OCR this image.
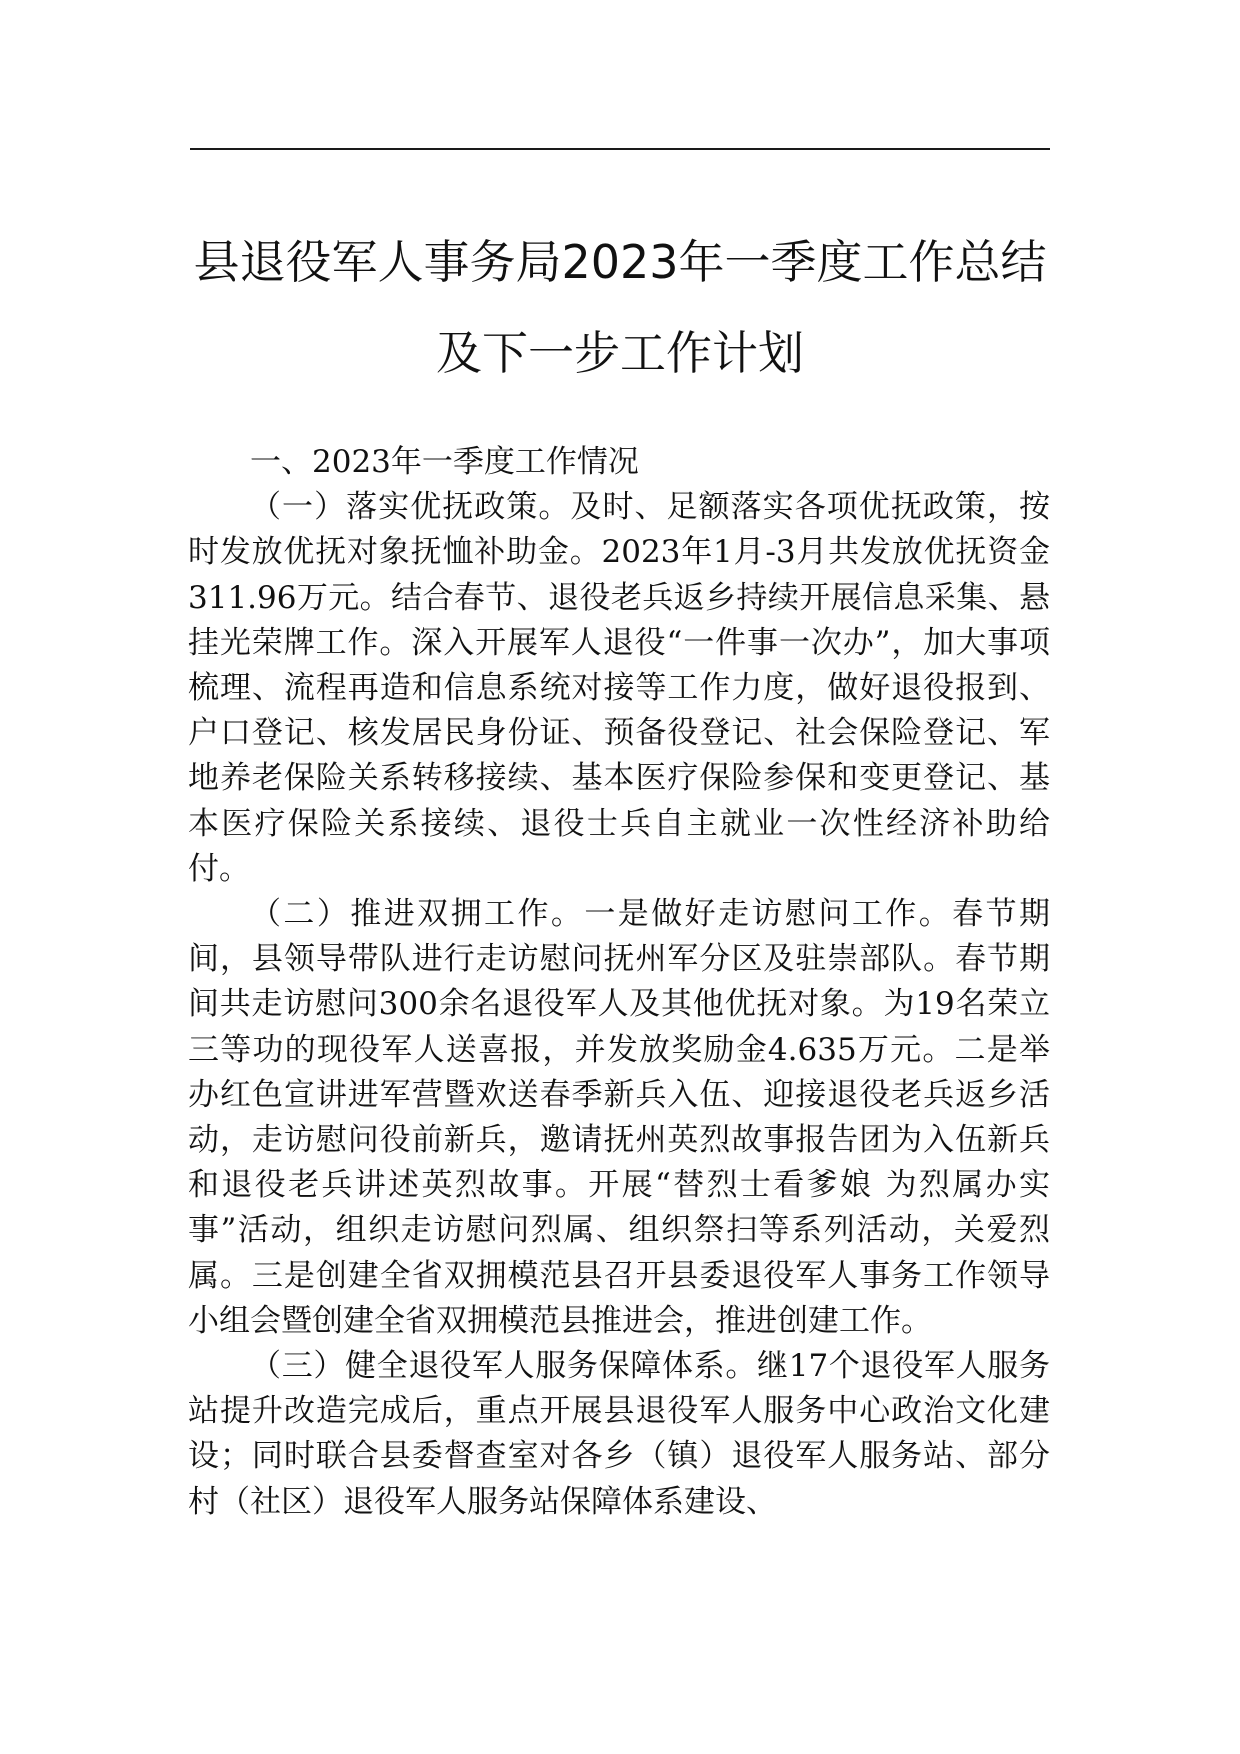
县退役军人事务局2023年一季度工作总结
及下一步工作计划

一、2023年一季度工作情况

（一）落实优抚政策。及时、足额落实各项优抚政策，按时发放优抚对象抚恤补助金。2023年1月-3月共发放优抚资金311.96万元。结合春节、退役老兵返乡持续开展信息采集、悬挂光荣牌工作。深入开展军人退役“一件事一次办”，加大事项梳理、流程再造和信息系统对接等工作力度，做好退役报到、户口登记、核发居民身份证、预备役登记、社会保险登记、军地养老保险关系转移接续、基本医疗保险参保和变更登记、基本医疗保险关系接续、退役士兵自主就业一次性经济补助给付。

（二）推进双拥工作。一是做好走访慰问工作。春节期间，县领导带队进行走访慰问抚州军分区及驻崇部队。春节期间共走访慰问300余名退役军人及其他优抚对象。为19名荣立三等功的现役军人送喜报，并发放奖励金4.635万元。二是举办红色宣讲进军营暨欢送春季新兵入伍、迎接退役老兵返乡活动，走访慰问役前新兵，邀请抚州英烈故事报告团为入伍新兵和退役老兵讲述英烈故事。开展“替烈士看爹娘 为烈属办实事”活动，组织走访慰问烈属、组织祭扫等系列活动，关爱烈属。三是创建全省双拥模范县召开县委退役军人事务工作领导小组会暨创建全省双拥模范县推进会，推进创建工作。

（三）健全退役军人服务保障体系。继17个退役军人服务站提升改造完成后，重点开展县退役军人服务中心政治文化建设；同时联合县委督查室对各乡（镇）退役军人服务站、部分村（社区）退役军人服务站保障体系建设、
